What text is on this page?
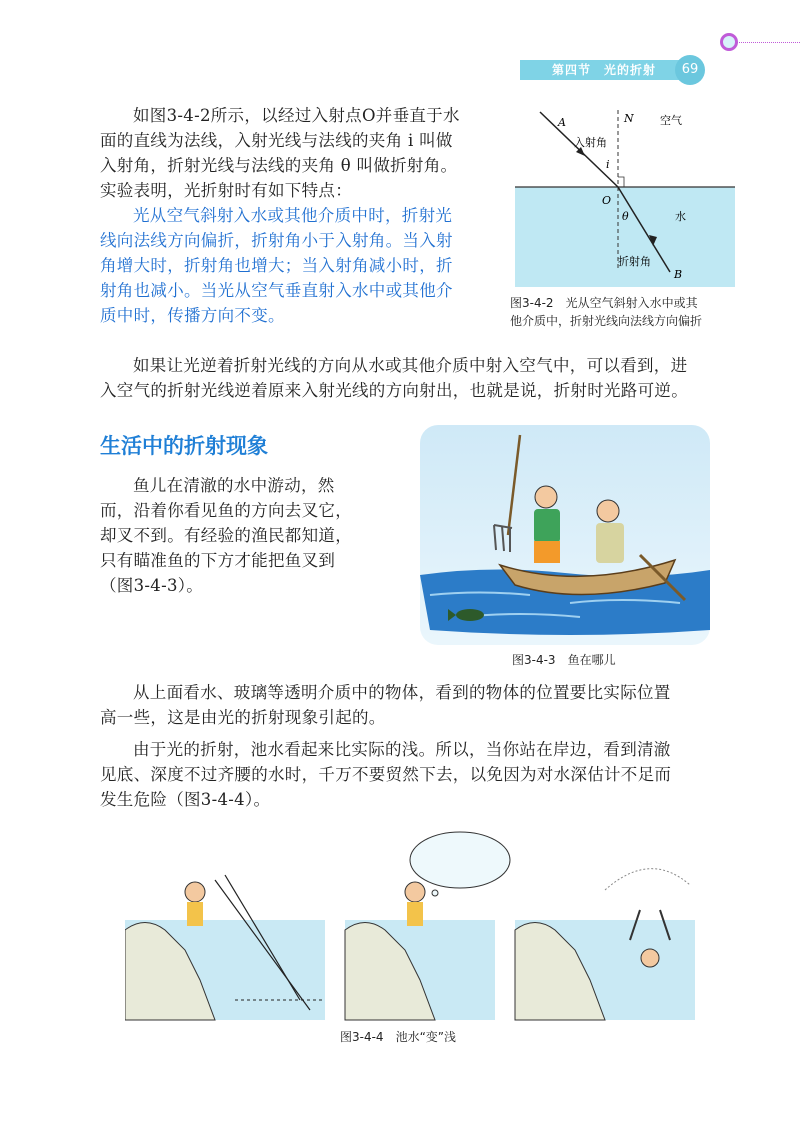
第四节　光的折射	69
如图3-4-2所示，以经过入射点O并垂直于水
面的直线为法线，入射光线与法线的夹角 i 叫做
入射角，折射光线与法线的夹角 θ 叫做折射角。
实验表明，光折射时有如下特点：
光从空气斜射入水或其他介质中时，折射光
线向法线方向偏折，折射角小于入射角。当入射
角增大时，折射角也增大；当入射角减小时，折
射角也减小。当光从空气垂直射入水中或其他介
质中时，传播方向不变。
A	N 空气
入射角
i
O
θ	水
折射角
B
图3-4-2　光从空气斜射入水中或其
他介质中，折射光线向法线方向偏折
如果让光逆着折射光线的方向从水或其他介质中射入空气中，可以看到，进
入空气的折射光线逆着原来入射光线的方向射出，也就是说，折射时光路可逆。
生活中的折射现象
鱼儿在清澈的水中游动，然
而，沿着你看见鱼的方向去叉它，
却叉不到。有经验的渔民都知道，
只有瞄准鱼的下方才能把鱼叉到
（图3-4-3）。
图3-4-3　鱼在哪儿
从上面看水、玻璃等透明介质中的物体，看到的物体的位置要比实际位置
高一些，这是由光的折射现象引起的。
由于光的折射，池水看起来比实际的浅。所以，当你站在岸边，看到清澈
见底、深度不过齐腰的水时，千万不要贸然下去，以免因为对水深估计不足而
发生危险（图3-4-4）。
图3-4-4　池水“变”浅
